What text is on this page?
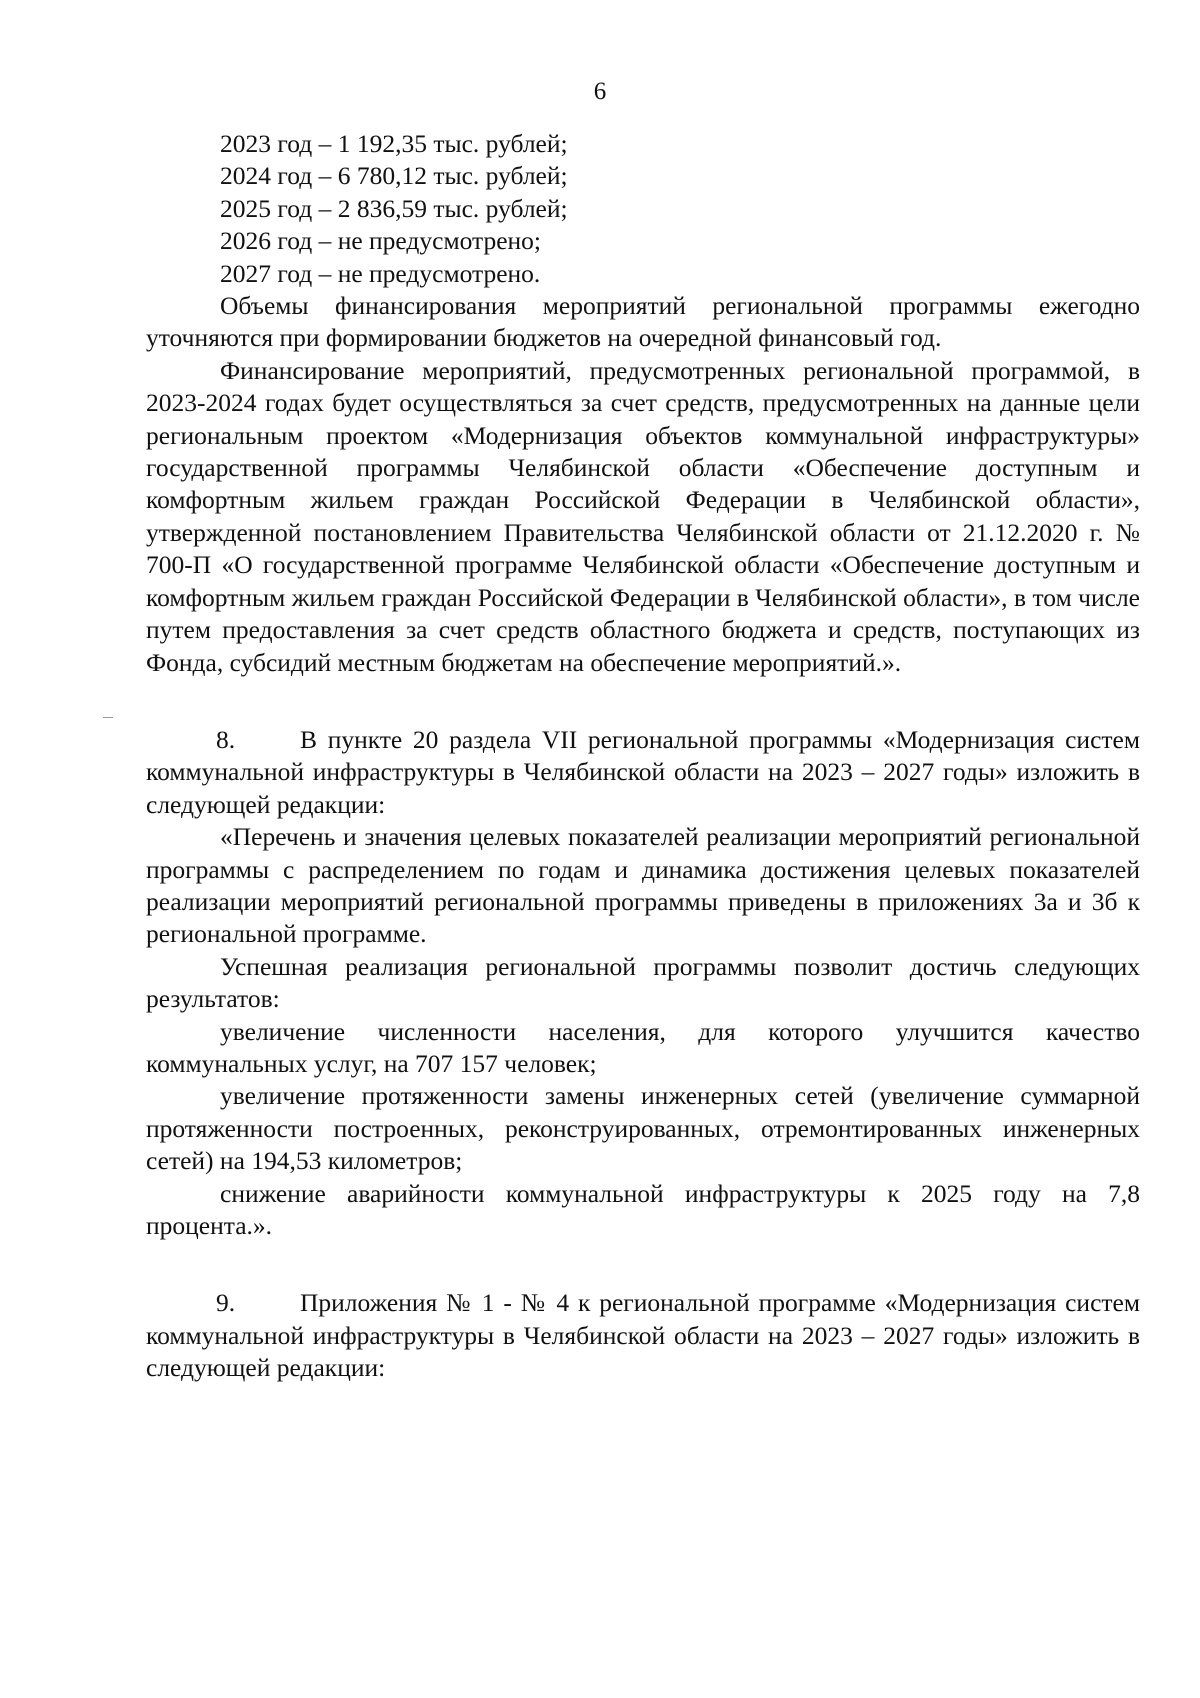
6
2023 год – 1 192,35 тыс. рублей;
2024 год – 6 780,12 тыс. рублей;
2025 год – 2 836,59 тыс. рублей;
2026 год – не предусмотрено;
2027 год – не предусмотрено.

Объемы финансирования мероприятий региональной программы ежегодно уточняются при формировании бюджетов на очередной финансовый год.

Финансирование мероприятий, предусмотренных региональной программой, в 2023-2024 годах будет осуществляться за счет средств, предусмотренных на данные цели региональным проектом «Модернизация объектов коммунальной инфраструктуры» государственной программы Челябинской области «Обеспечение доступным и комфортным жильем граждан Российской Федерации в Челябинской области», утвержденной постановлением Правительства Челябинской области от 21.12.2020 г. № 700-П «О государственной программе Челябинской области «Обеспечение доступным и комфортным жильем граждан Российской Федерации в Челябинской области», в том числе путем предоставления за счет средств областного бюджета и средств, поступающих из Фонда, субсидий местным бюджетам на обеспечение мероприятий.».

8.	В пункте 20 раздела VII региональной программы «Модернизация систем коммунальной инфраструктуры в Челябинской области на 2023 – 2027 годы» изложить в следующей редакции:

«Перечень и значения целевых показателей реализации мероприятий региональной программы с распределением по годам и динамика достижения целевых показателей реализации мероприятий региональной программы приведены в приложениях 3а и 3б к региональной программе.

Успешная реализация региональной программы позволит достичь следующих результатов:

увеличение численности населения, для которого улучшится качество коммунальных услуг, на 707 157 человек;

увеличение протяженности замены инженерных сетей (увеличение суммарной протяженности построенных, реконструированных, отремонтированных инженерных сетей) на 194,53 километров;

снижение аварийности коммунальной инфраструктуры к 2025 году на 7,8 процента.».

9.	Приложения № 1 - № 4 к региональной программе «Модернизация систем коммунальной инфраструктуры в Челябинской области на 2023 – 2027 годы» изложить в следующей редакции:
